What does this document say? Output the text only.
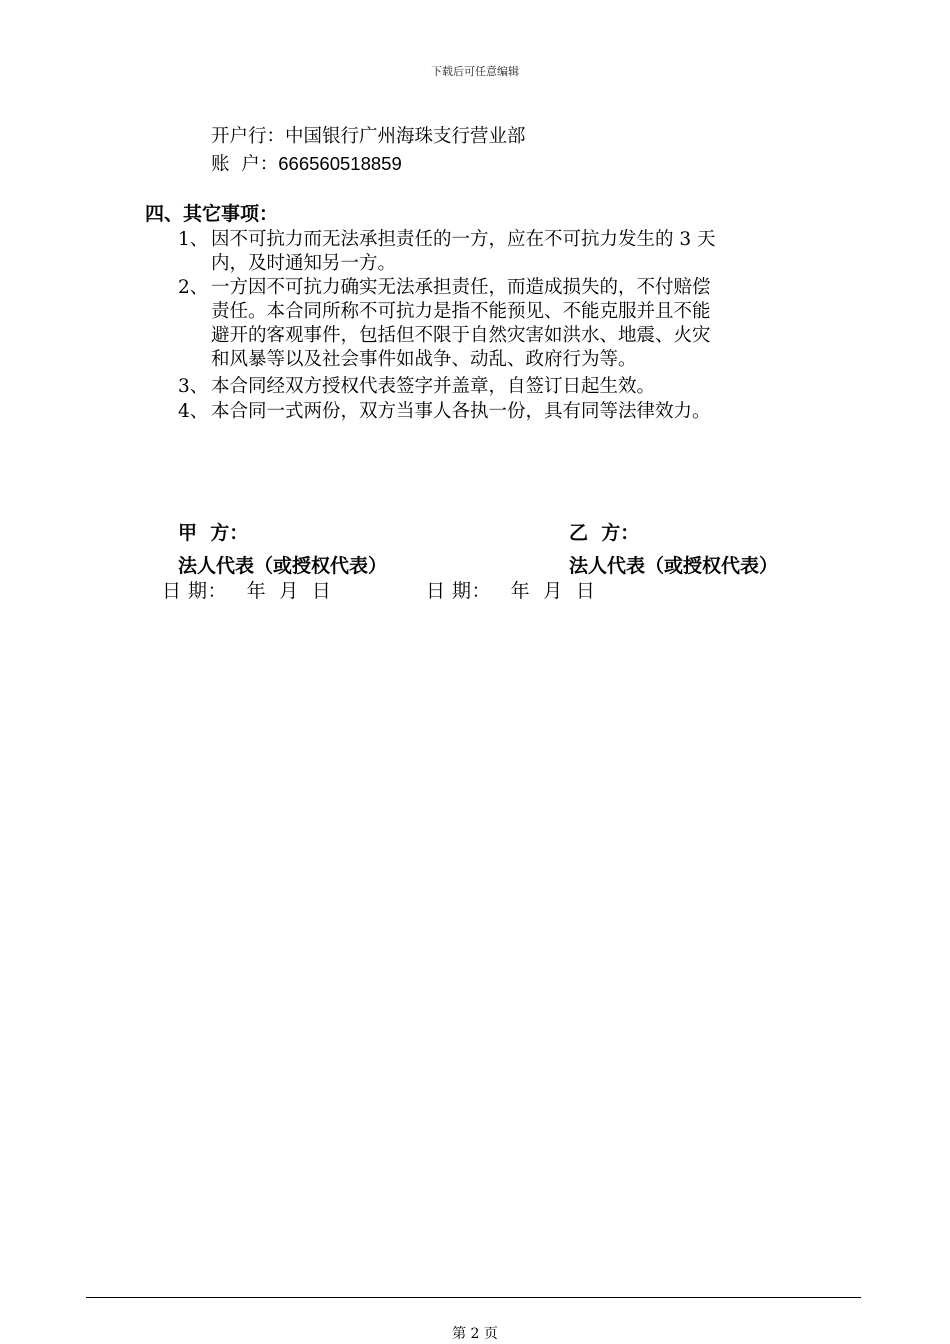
下载后可任意编辑
开户行：中国银行广州海珠支行营业部
账  户：666560518859
四、其它事项：
1、 因不可抗力而无法承担责任的一方，应在不可抗力发生的 3 天
内，及时通知另一方。
2、 一方因不可抗力确实无法承担责任，而造成损失的，不付赔偿
责任。本合同所称不可抗力是指不能预见、不能克服并且不能
避开的客观事件，包括但不限于自然灾害如洪水、地震、火灾
和风暴等以及社会事件如战争、动乱、政府行为等。
3、 本合同经双方授权代表签字并盖章，自签订日起生效。
4、 本合同一式两份，双方当事人各执一份，具有同等法律效力。
甲  方：	乙  方：
法人代表（或授权代表）	法人代表（或授权代表）
日 期：   年  月  日	日 期：   年  月  日
第 2 页
